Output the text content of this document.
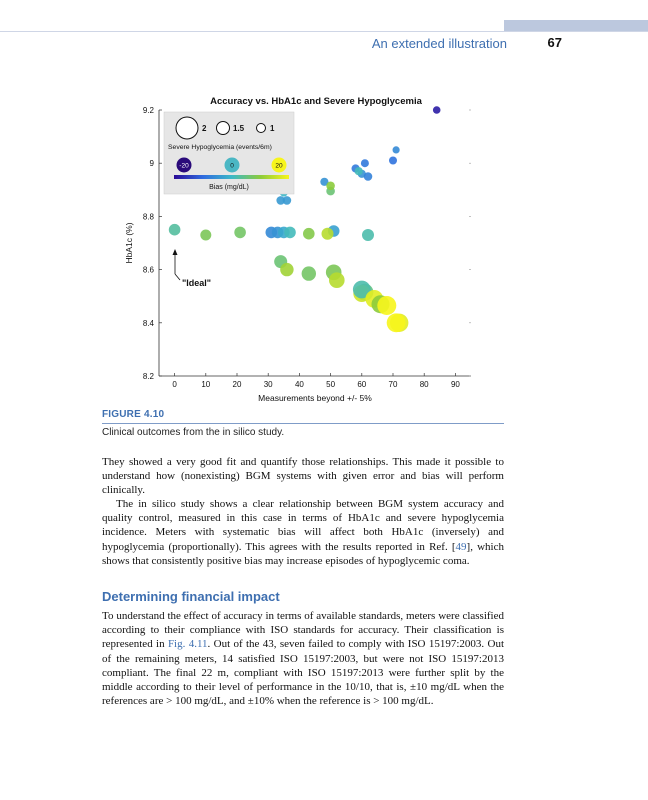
An extended illustration	67
Accuracy vs. HbA1c and Severe Hypoglycemia
0	10	20	30	40	50	60	70	80	90
8.2
8.4
8.6
8.8
9
9.2
"Ideal"
2	1.5	1
Severe Hypoglycemia (events/6m)
-20	0	20
Bias (mg/dL)
Measurements beyond +/- 5%
HbA1c (%)
FIGURE 4.10
Clinical outcomes from the in silico study.

They showed a very good fit and quantify those relationships. This made it possible to understand how (nonexisting) BGM systems with given error and bias will perform clinically.

The in silico study shows a clear relationship between BGM system accuracy and quality control, measured in this case in terms of HbA1c and severe hypoglycemia incidence. Meters with systematic bias will affect both HbA1c (inversely) and hypoglycemia (proportionally). This agrees with the results reported in Ref. [49], which shows that consistently positive bias may increase episodes of hypoglycemic coma.

Determining financial impact

To understand the effect of accuracy in terms of available standards, meters were classified according to their compliance with ISO standards for accuracy. Their classification is represented in Fig. 4.11. Out of the 43, seven failed to comply with ISO 15197:2003. Out of the remaining meters, 14 satisfied ISO 15197:2003, but were not ISO 15197:2013 compliant. The final 22 m, compliant with ISO 15197:2013 were further split by the middle according to their level of performance in the 10/10, that is, ±10 mg/dL when the references are > 100 mg/dL, and ±10% when the reference is > 100 mg/dL.
